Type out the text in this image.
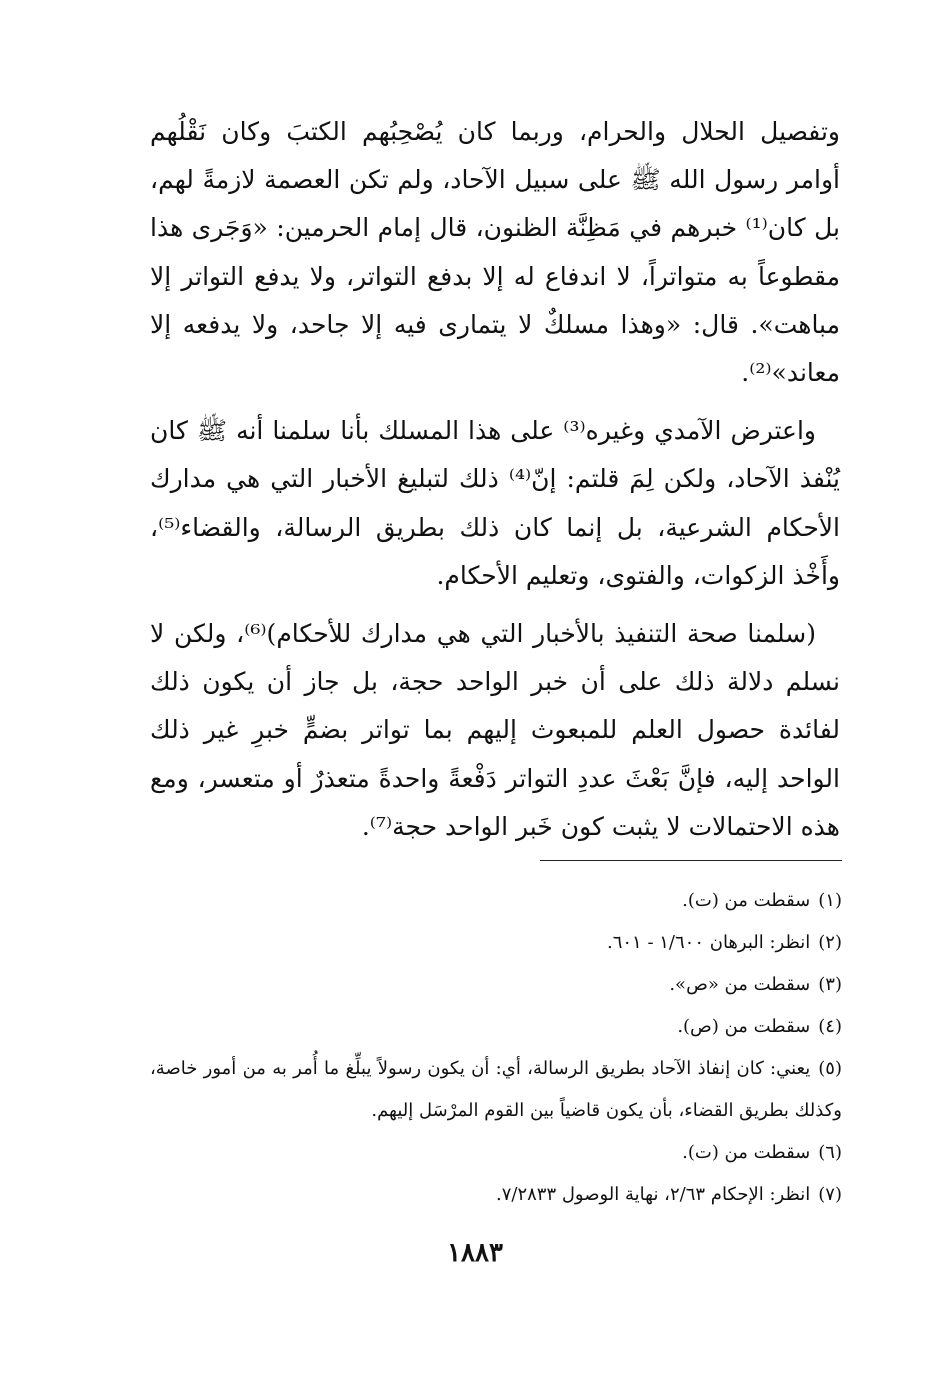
وتفصيل الحلال والحرام، وربما كان يُصْحِبُهم الكتبَ وكان نَقْلُهم أوامر رسول الله ﷺ على سبيل الآحاد، ولم تكن العصمة لازمةً لهم، بل كان⁽¹⁾ خبرهم في مَظِنَّة الظنون، قال إمام الحرمين: «وَجَرى هذا مقطوعاً به متواتراً، لا اندفاع له إلا بدفع التواتر، ولا يدفع التواتر إلا مباهت». قال: «وهذا مسلكٌ لا يتمارى فيه إلا جاحد، ولا يدفعه إلا معاند»⁽²⁾.

واعترض الآمدي وغيره⁽³⁾ على هذا المسلك بأنا سلمنا أنه ﷺ كان يُنْفذ الآحاد، ولكن لِمَ قلتم: إنّ⁽⁴⁾ ذلك لتبليغ الأخبار التي هي مدارك الأحكام الشرعية، بل إنما كان ذلك بطريق الرسالة، والقضاء⁽⁵⁾، وأَخْذ الزكوات، والفتوى، وتعليم الأحكام.

(سلمنا صحة التنفيذ بالأخبار التي هي مدارك للأحكام)⁽⁶⁾، ولكن لا نسلم دلالة ذلك على أن خبر الواحد حجة، بل جاز أن يكون ذلك لفائدة حصول العلم للمبعوث إليهم بما تواتر بضمٍّ خبرِ غير ذلك الواحد إليه، فإنَّ بَعْثَ عددِ التواتر دَفْعةً واحدةً متعذرٌ أو متعسر، ومع هذه الاحتمالات لا يثبت كون خَبر الواحد حجة⁽⁷⁾.

(١)سقطت من (ت).
(٢)انظر: البرهان ١/٦٠٠ - ٦٠١.
(٣)سقطت من «ص».
(٤)سقطت من (ص).
(٥)يعني: كان إنفاذ الآحاد بطريق الرسالة، أي: أن يكون رسولاً يبلِّغ ما أُمر به من أمور خاصة، وكذلك بطريق القضاء، بأن يكون قاضياً بين القوم المرْسَل إليهم.
(٦)سقطت من (ت).
(٧)انظر: الإحكام ٢/٦٣، نهاية الوصول ٧/٢٨٣٣.
١٨٨٣
